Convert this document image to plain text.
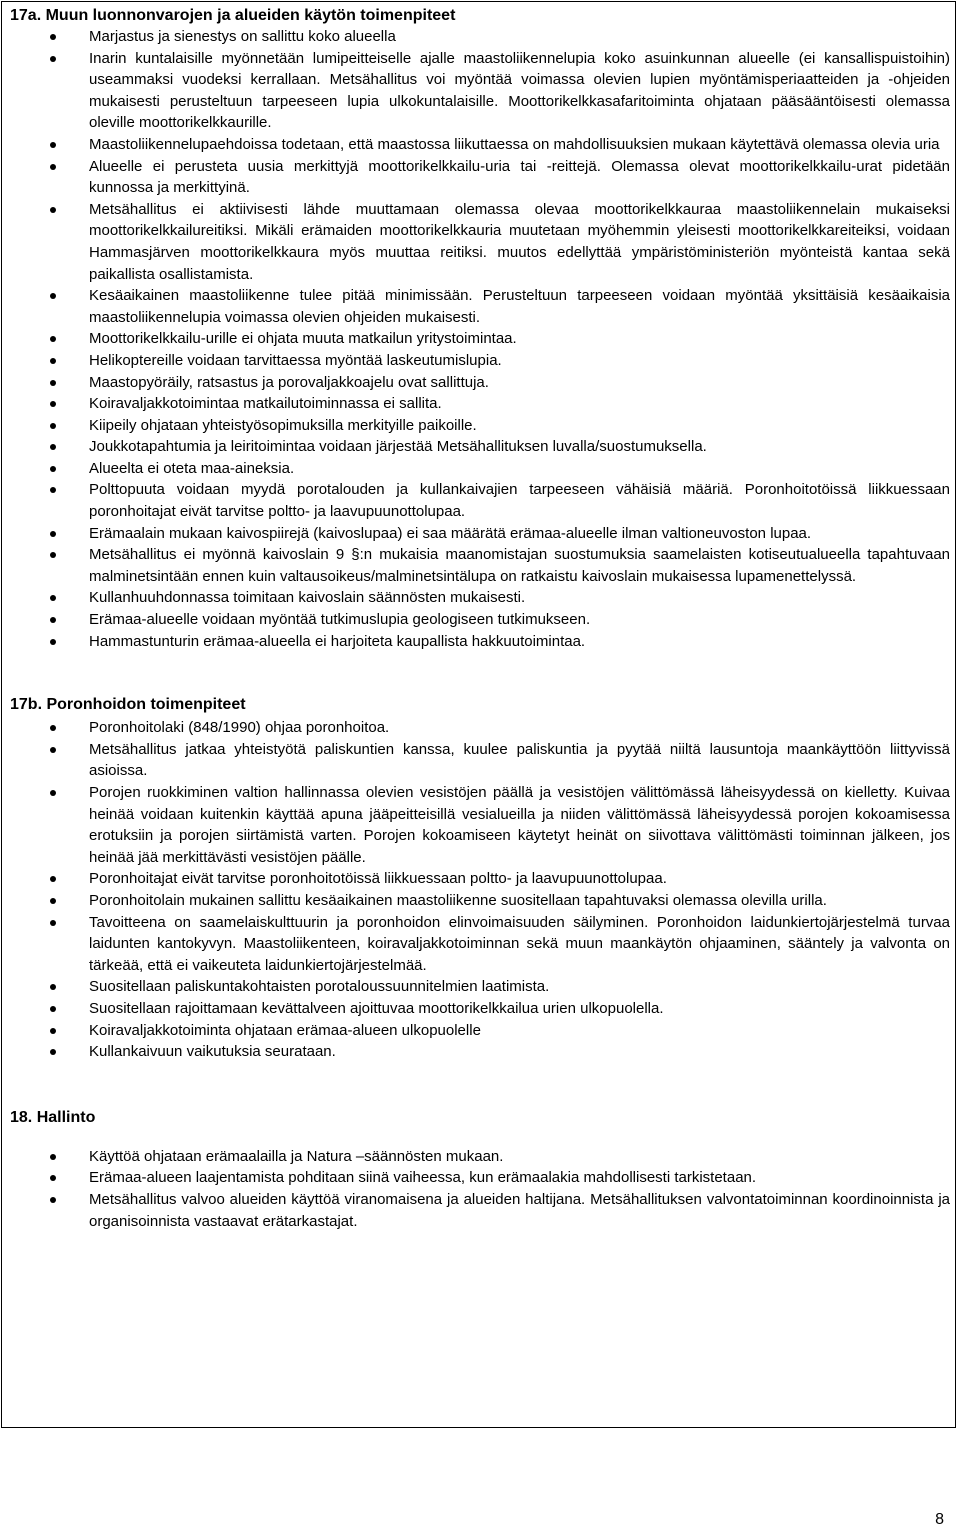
17a. Muun luonnonvarojen ja alueiden käytön toimenpiteet
Marjastus ja sienestys on sallittu koko alueella
Inarin kuntalaisille myönnetään lumipeitteiselle ajalle maastoliikennelupia koko asuinkunnan alueelle (ei kansallispuistoihin) useammaksi vuodeksi kerrallaan. Metsähallitus voi myöntää voimassa olevien lupien myöntämisperiaatteiden ja -ohjeiden mukaisesti perusteltuun tarpeeseen lupia ulkokuntalaisille. Moottorikelkkasafaritoiminta ohjataan pääsääntöisesti olemassa oleville moottorikelkkaurille.
Maastoliikennelupaehdoissa todetaan, että maastossa liikuttaessa on mahdollisuuksien mukaan käytettävä olemassa olevia uria
Alueelle ei perusteta uusia merkittyjä moottorikelkkailu-uria tai -reittejä. Olemassa olevat moottorikelkkailu-urat pidetään kunnossa ja merkittyinä.
Metsähallitus ei aktiivisesti lähde muuttamaan olemassa olevaa moottorikelkkauraa maastoliikennelain mukaiseksi moottorikelkkailureitiksi. Mikäli erämaiden moottorikelkkauria muutetaan myöhemmin yleisesti moottorikelkkareiteiksi, voidaan Hammasjärven moottorikelkkaura myös muuttaa reitiksi. muutos edellyttää ympäristöministeriön myönteistä kantaa sekä paikallista osallistamista.
Kesäaikainen maastoliikenne tulee pitää minimissään. Perusteltuun tarpeeseen voidaan myöntää yksittäisiä kesäaikaisia maastoliikennelupia voimassa olevien ohjeiden mukaisesti.
Moottorikelkkailu-urille ei ohjata muuta matkailun yritystoimintaa.
Helikoptereille voidaan tarvittaessa myöntää laskeutumislupia.
Maastopyöräily, ratsastus ja porovaljakkoajelu ovat sallittuja.
Koiravaljakkotoimintaa matkailutoiminnassa ei sallita.
Kiipeily ohjataan yhteistyösopimuksilla merkityille paikoille.
Joukkotapahtumia ja leiritoimintaa voidaan järjestää Metsähallituksen luvalla/suostumuksella.
Alueelta ei oteta maa-aineksia.
Polttopuuta voidaan myydä porotalouden ja kullankaivajien tarpeeseen vähäisiä määriä. Poronhoitotöissä liikkuessaan poronhoitajat eivät tarvitse poltto- ja laavupuunottolupaa.
Erämaalain mukaan kaivospiirejä (kaivoslupaa) ei saa määrätä erämaa-alueelle ilman valtioneuvoston lupaa.
Metsähallitus ei myönnä kaivoslain 9 §:n mukaisia maanomistajan suostumuksia saamelaisten kotiseutualueella tapahtuvaan malminetsintään ennen kuin valtausoikeus/malminetsintälupa on ratkaistu kaivoslain mukaisessa lupamenettelyssä.
Kullanhuuhdonnassa toimitaan kaivoslain säännösten mukaisesti.
Erämaa-alueelle voidaan myöntää tutkimuslupia geologiseen tutkimukseen.
Hammastunturin erämaa-alueella ei harjoiteta kaupallista hakkuutoimintaa.
17b. Poronhoidon toimenpiteet
Poronhoitolaki (848/1990) ohjaa poronhoitoa.
Metsähallitus jatkaa yhteistyötä paliskuntien kanssa, kuulee paliskuntia ja pyytää niiltä lausuntoja maankäyttöön liittyvissä asioissa.
Porojen ruokkiminen valtion hallinnassa olevien vesistöjen päällä ja vesistöjen välittömässä läheisyydessä on kielletty. Kuivaa heinää voidaan kuitenkin käyttää apuna jääpeitteisillä vesialueilla ja niiden välittömässä läheisyydessä porojen kokoamisessa erotuksiin ja porojen siirtämistä varten. Porojen kokoamiseen käytetyt heinät on siivottava välittömästi toiminnan jälkeen, jos heinää jää merkittävästi vesistöjen päälle.
Poronhoitajat eivät tarvitse poronhoitotöissä liikkuessaan poltto- ja laavupuunottolupaa.
Poronhoitolain mukainen sallittu kesäaikainen maastoliikenne suositellaan tapahtuvaksi olemassa olevilla urilla.
Tavoitteena on saamelaiskulttuurin ja poronhoidon elinvoimaisuuden säilyminen. Poronhoidon laidunkiertojärjestelmä turvaa laidunten kantokyvyn. Maastoliikenteen, koiravaljakkotoiminnan sekä muun maankäytön ohjaaminen, sääntely ja valvonta on tärkeää, että ei vaikeuteta laidunkiertojärjestelmää.
Suositellaan paliskuntakohtaisten porotaloussuunnitelmien laatimista.
Suositellaan rajoittamaan kevättalveen ajoittuvaa moottorikelkkailua urien ulkopuolella.
Koiravaljakkotoiminta ohjataan erämaa-alueen ulkopuolelle
Kullankaivuun vaikutuksia seurataan.
18. Hallinto
Käyttöä ohjataan erämaalailla ja Natura –säännösten mukaan.
Erämaa-alueen laajentamista pohditaan siinä vaiheessa, kun erämaalakia mahdollisesti tarkistetaan.
Metsähallitus valvoo alueiden käyttöä viranomaisena ja alueiden haltijana. Metsähallituksen valvontatoiminnan koordinoinnista ja organisoinnista vastaavat erätarkastajat.
8
